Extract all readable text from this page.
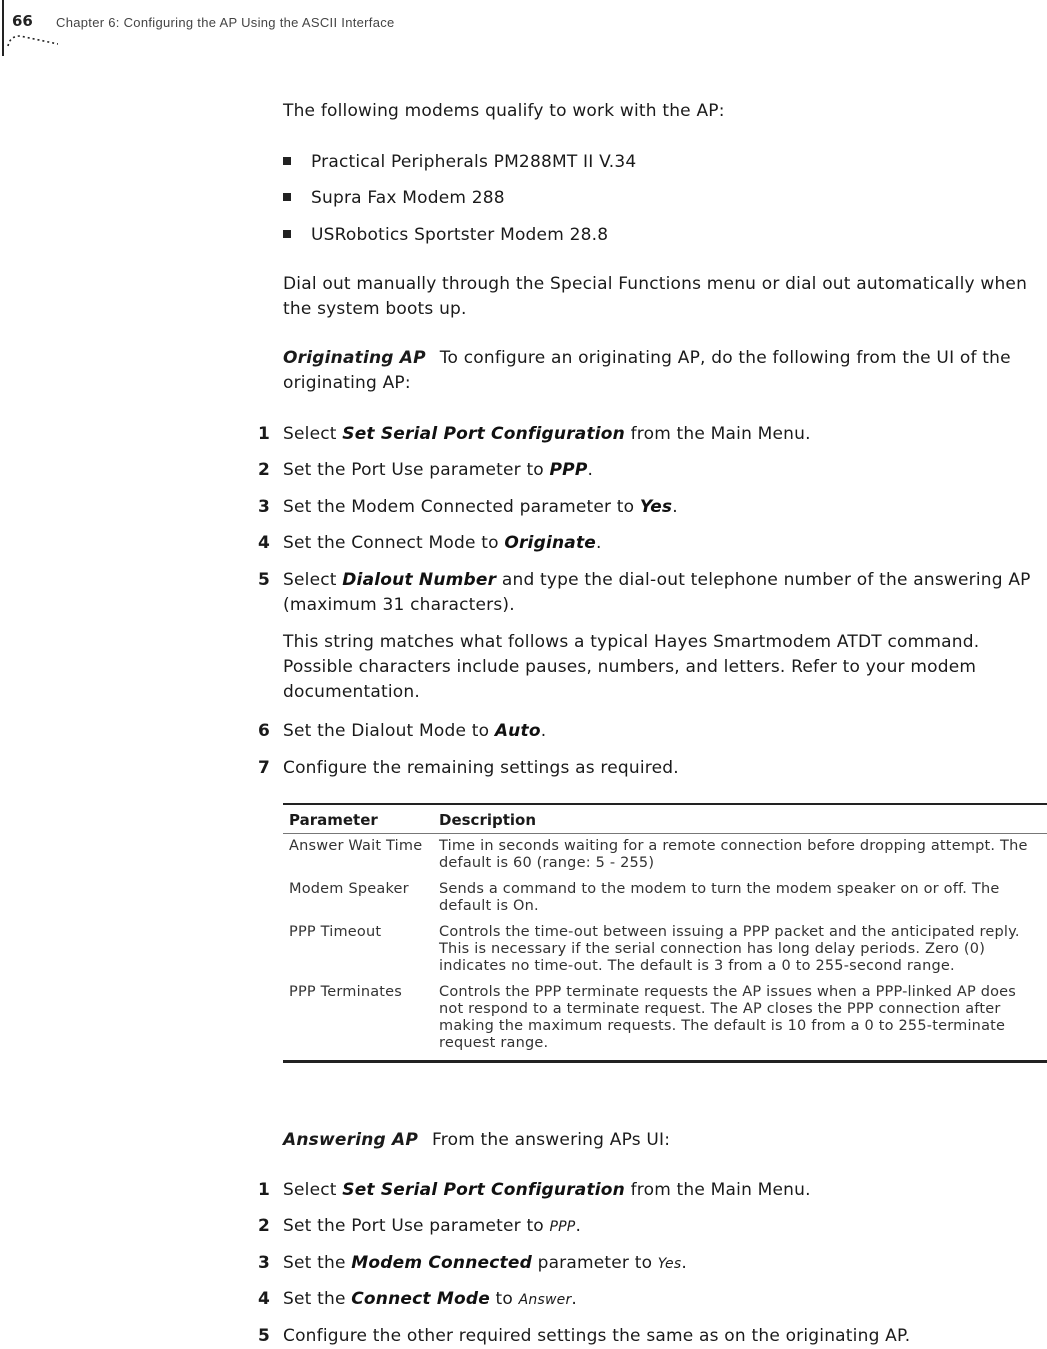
66 Chapter 6: Configuring the AP Using the ASCII Interface
The following modems qualify to work with the AP:
Practical Peripherals PM288MT II V.34
Supra Fax Modem 288
USRobotics Sportster Modem 28.8
Dial out manually through the Special Functions menu or dial out automatically when the system boots up.
Originating AP To configure an originating AP, do the following from the UI of the originating AP:
1 Select Set Serial Port Configuration from the Main Menu.
2 Set the Port Use parameter to PPP.
3 Set the Modem Connected parameter to Yes.
4 Set the Connect Mode to Originate.
5 Select Dialout Number and type the dial-out telephone number of the answering AP (maximum 31 characters).
This string matches what follows a typical Hayes Smartmodem ATDT command. Possible characters include pauses, numbers, and letters. Refer to your modem documentation.
6 Set the Dialout Mode to Auto.
7 Configure the remaining settings as required.
Parameter	Description
Answer Wait Time	Time in seconds waiting for a remote connection before dropping attempt. The default is 60 (range: 5 - 255)
Modem Speaker	Sends a command to the modem to turn the modem speaker on or off. The default is On.
PPP Timeout	Controls the time-out between issuing a PPP packet and the anticipated reply. This is necessary if the serial connection has long delay periods. Zero (0) indicates no time-out. The default is 3 from a 0 to 255-second range.
PPP Terminates	Controls the PPP terminate requests the AP issues when a PPP-linked AP does not respond to a terminate request. The AP closes the PPP connection after making the maximum requests. The default is 10 from a 0 to 255-terminate request range.
Answering AP From the answering APs UI:
1 Select Set Serial Port Configuration from the Main Menu.
2 Set the Port Use parameter to PPP.
3 Set the Modem Connected parameter to Yes.
4 Set the Connect Mode to Answer.
5 Configure the other required settings the same as on the originating AP.
